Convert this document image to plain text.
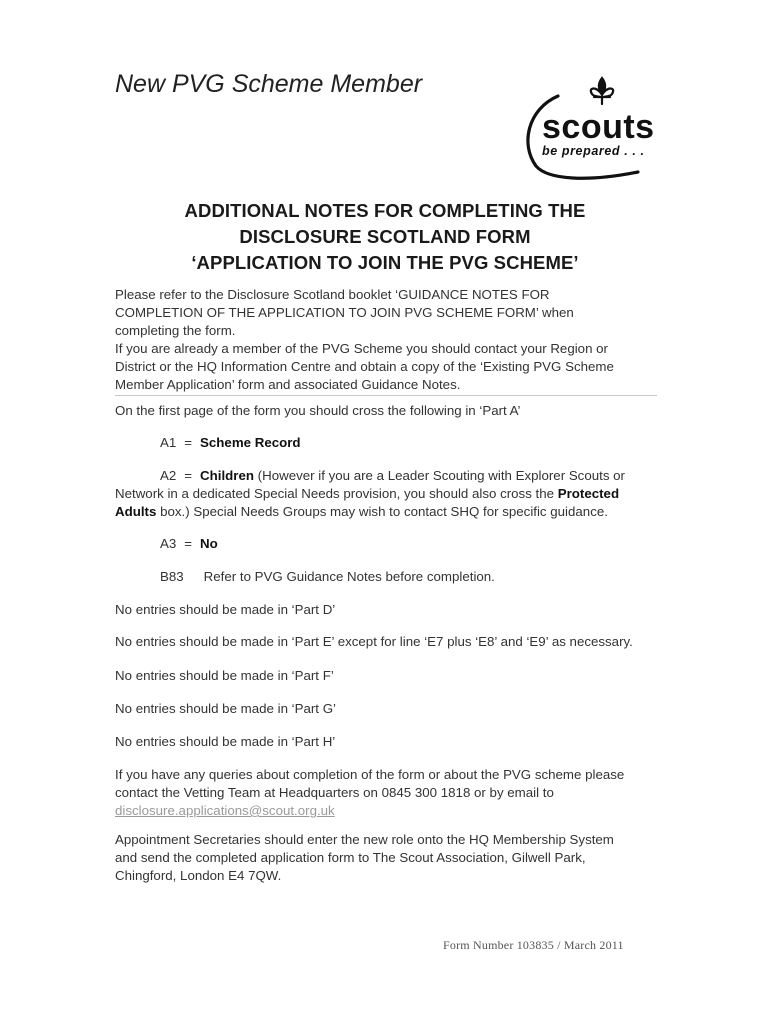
New PVG Scheme Member
scouts
be prepared . . .
ADDITIONAL NOTES FOR COMPLETING THE
DISCLOSURE SCOTLAND FORM
‘APPLICATION TO JOIN THE PVG SCHEME’

Please refer to the Disclosure Scotland booklet ‘GUIDANCE NOTES FOR
COMPLETION OF THE APPLICATION TO JOIN PVG SCHEME FORM’ when
completing the form.
If you are already a member of the PVG Scheme you should contact your Region or
District or the HQ Information Centre and obtain a copy of the ‘Existing PVG Scheme
Member Application’ form and associated Guidance Notes.

On the first page of the form you should cross the following in ‘Part A’

A1 = Scheme Record

A2 = Children (However if you are a Leader Scouting with Explorer Scouts or
Network in a dedicated Special Needs provision, you should also cross the Protected
Adults box.) Special Needs Groups may wish to contact SHQ for specific guidance.

A3 = No

B83 Refer to PVG Guidance Notes before completion.

No entries should be made in ‘Part D’

No entries should be made in ‘Part E’ except for line ‘E7 plus ‘E8’ and ‘E9’ as necessary.

No entries should be made in ‘Part F’

No entries should be made in ‘Part G’

No entries should be made in ‘Part H’

If you have any queries about completion of the form or about the PVG scheme please
contact the Vetting Team at Headquarters on 0845 300 1818 or by email to
disclosure.applications@scout.org.uk

Appointment Secretaries should enter the new role onto the HQ Membership System
and send the completed application form to The Scout Association, Gilwell Park,
Chingford, London E4 7QW.

Form Number 103835 / March 2011
